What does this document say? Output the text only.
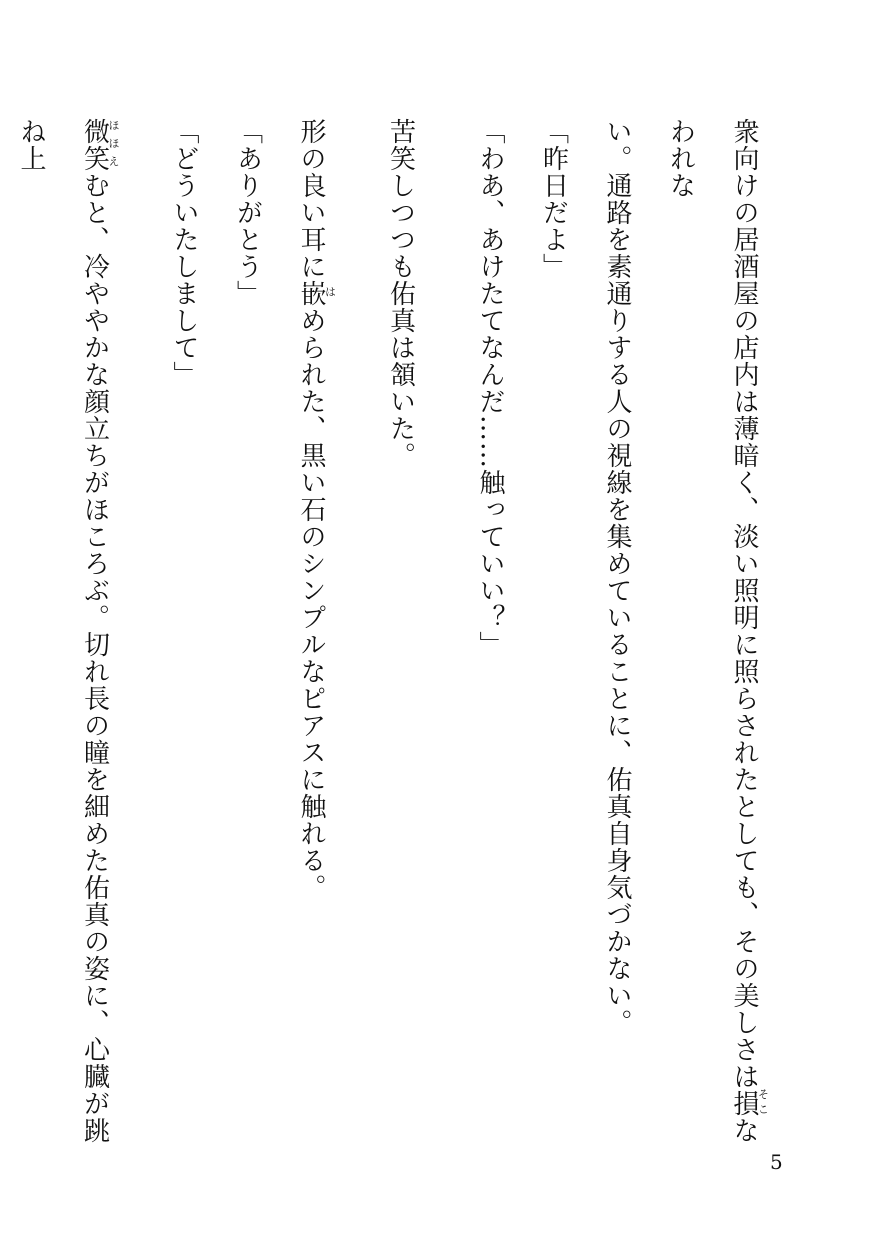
衆向けの居酒屋の店内は薄暗く、淡い照明に照らされたとしても、その美しさは損そこなわれな
い。通路を素通りする人の視線を集めていることに、佑真自身気づかない。
「昨日だよ」
「わあ、あけたてなんだ……触っていい？」
苦笑しつつも佑真は頷いた。
形の良い耳に嵌はめられた、黒い石のシンプルなピアスに触れる。
「ありがとう」
「どういたしまして」
微笑ほほえむと、冷ややかな顔立ちがほころぶ。切れ長の瞳を細めた佑真の姿に、心臓が跳ね上
5
